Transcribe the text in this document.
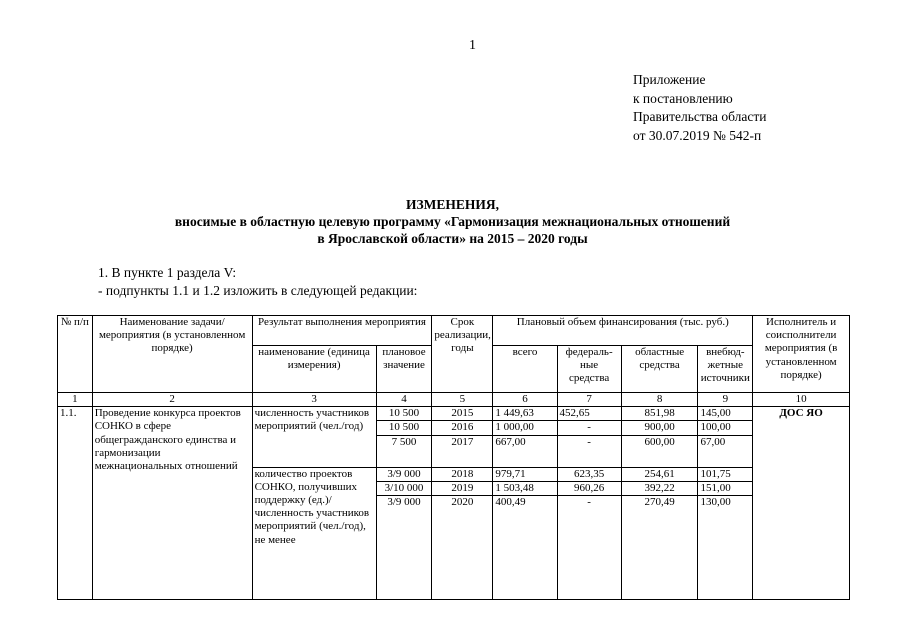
1
Приложение
к постановлению
Правительства области
от 30.07.2019 № 542-п
ИЗМЕНЕНИЯ,
вносимые в областную целевую программу «Гармонизация межнациональных отношений
в Ярославской области» на 2015 – 2020 годы
1. В пункте 1 раздела V:
- подпункты 1.1 и 1.2 изложить в следующей редакции:
№ п/п	Наименование задачи/мероприятия (в установленном порядке)	Результат выполнения мероприятия		Срок реализации, годы	Плановый объем финансирования (тыс. руб.)				Исполнитель и соисполнители мероприятия (в установленном порядке)
		наименование (единица измерения)	плановое значение		всего	федераль-ные средства	областные средства	внебюд-жетные источники	
1	2	3	4	5	6	7	8	9	10
1.1.	Проведение конкурса проектов СОНКО в сфере общегражданского единства и гармонизации межнациональных отношений	численность участников мероприятий (чел./год)	10 500	2015	1 449,63	452,65	851,98	145,00	ДОС ЯО
			10 500	2016	1 000,00	-	900,00	100,00	
			7 500	2017	667,00	-	600,00	67,00	
		количество проектов СОНКО, получивших поддержку (ед.)/ численность участников мероприятий (чел./год), не менее	3/9 000	2018	979,71	623,35	254,61	101,75	
			3/10 000	2019	1 503,48	960,26	392,22	151,00	
			3/9 000	2020	400,49	-	270,49	130,00	
